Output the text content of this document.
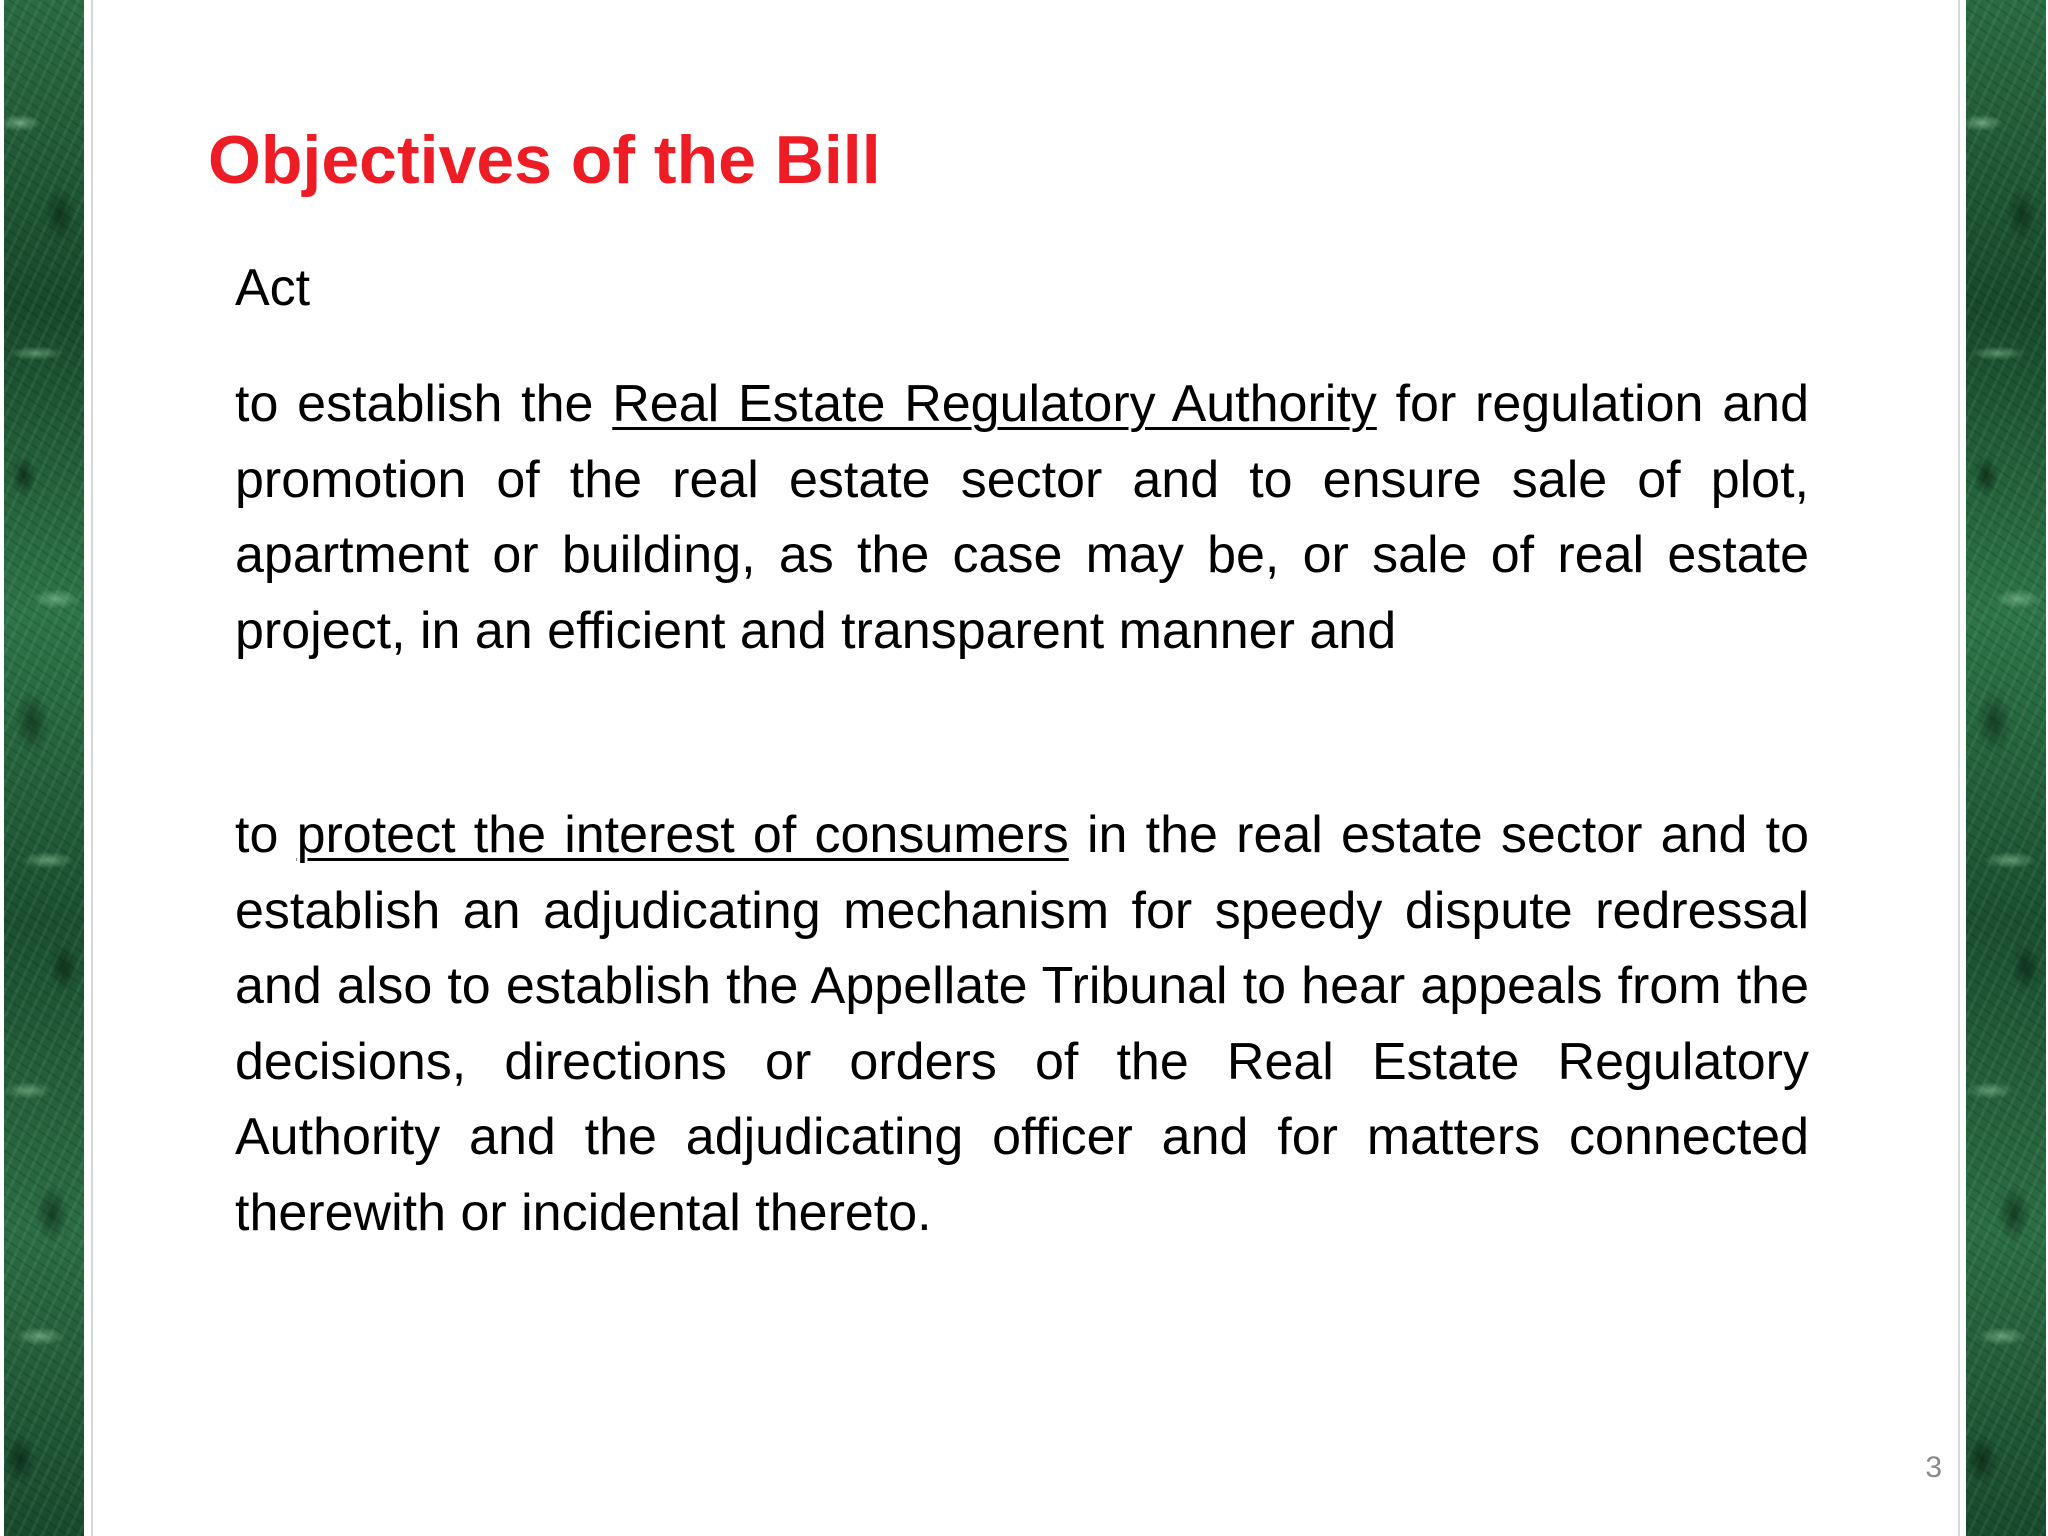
Objectives of the Bill

Act

to establish the Real Estate Regulatory Authority for regulation and promotion of the real estate sector and to ensure sale of plot, apartment or building, as the case may be, or sale of real estate project, in an efficient and transparent manner and

to protect the interest of consumers in the real estate sector and to establish an adjudicating mechanism for speedy dispute redressal and also to establish the Appellate Tribunal to hear appeals from the decisions, directions or orders of the Real Estate Regulatory Authority and the adjudicating officer and for matters connected therewith or incidental thereto.

3
